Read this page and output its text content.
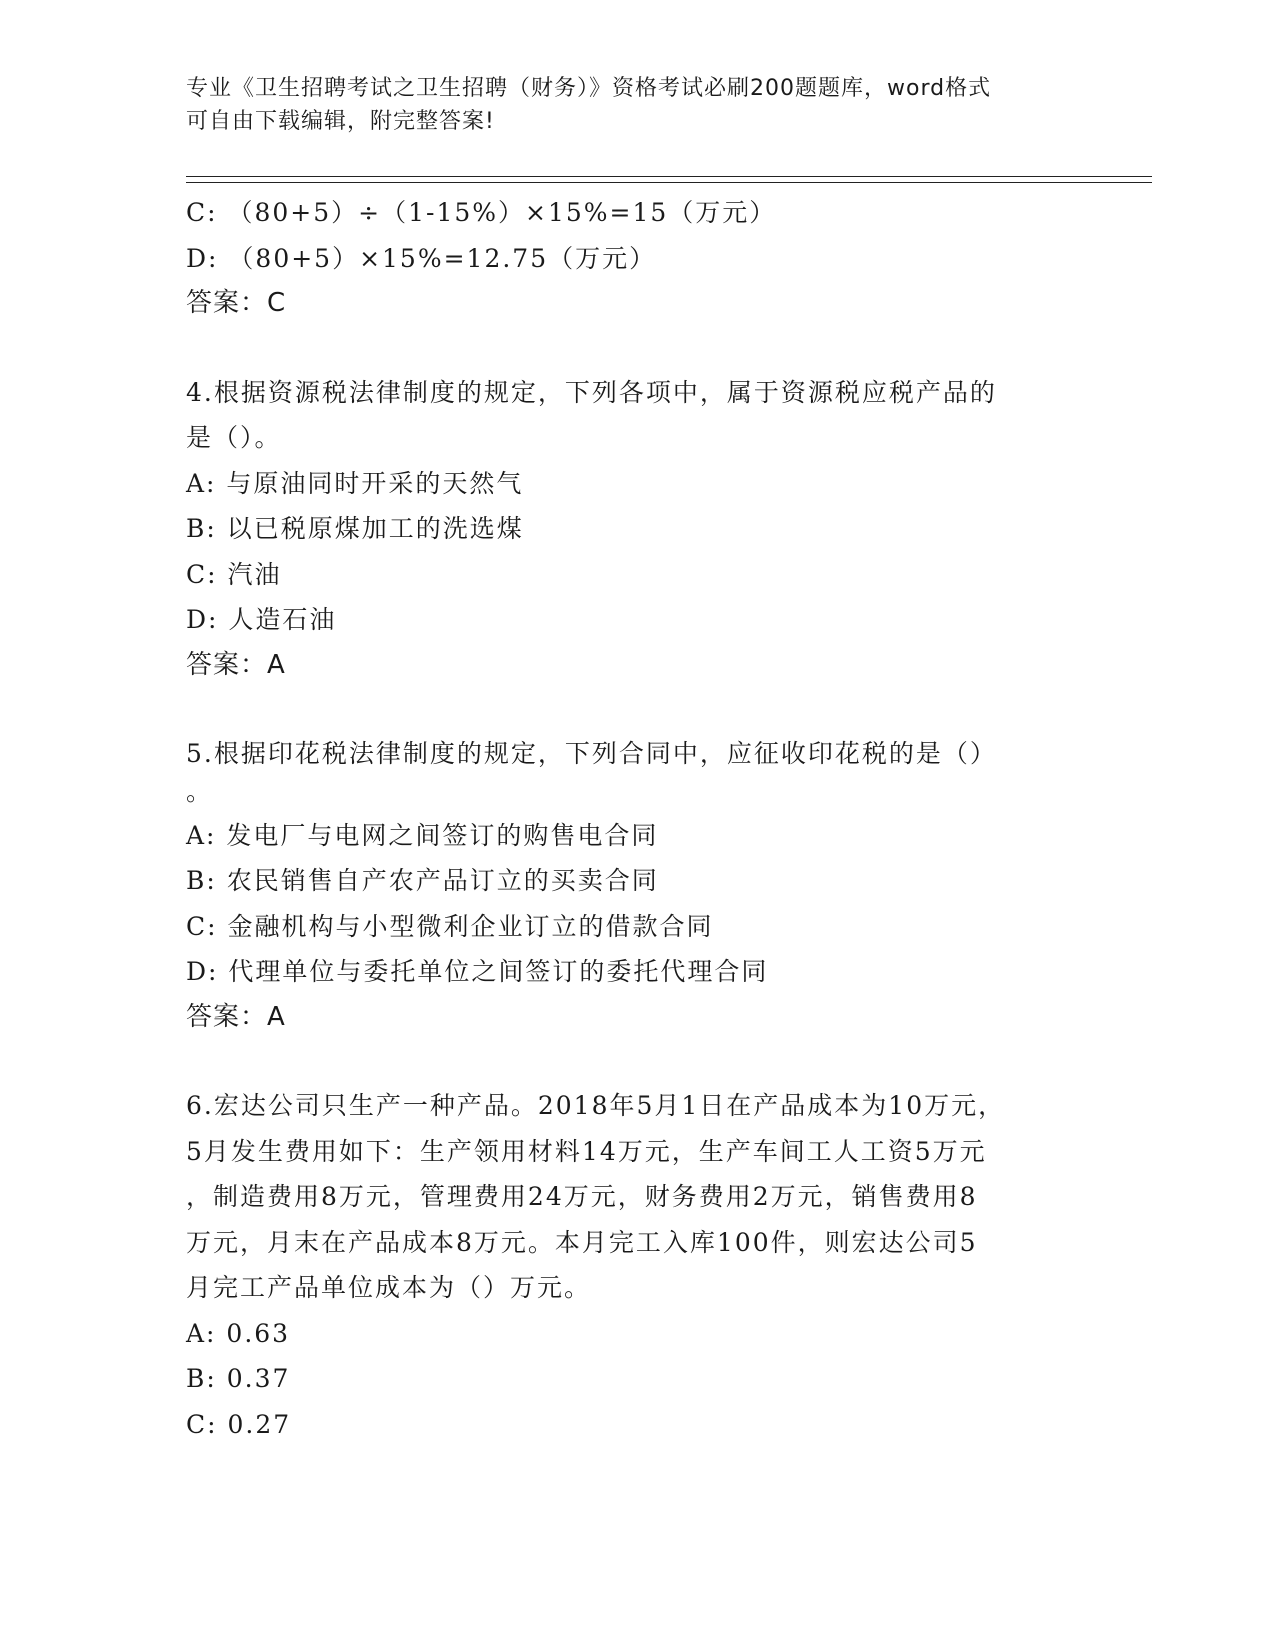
专业《卫生招聘考试之卫生招聘（财务）》资格考试必刷200题题库，word格式
可自由下载编辑，附完整答案!
C: （80+5）÷（1-15%）×15%=15（万元）
D: （80+5）×15%=12.75（万元）
答案：C
4.根据资源税法律制度的规定，下列各项中，属于资源税应税产品的
是（）。
A: 与原油同时开采的天然气
B: 以已税原煤加工的洗选煤
C: 汽油
D: 人造石油
答案：A
5.根据印花税法律制度的规定，下列合同中，应征收印花税的是（）
。
A: 发电厂与电网之间签订的购售电合同
B: 农民销售自产农产品订立的买卖合同
C: 金融机构与小型微利企业订立的借款合同
D: 代理单位与委托单位之间签订的委托代理合同
答案：A
6.宏达公司只生产一种产品。2018年5月1日在产品成本为10万元，
5月发生费用如下：生产领用材料14万元，生产车间工人工资5万元
，制造费用8万元，管理费用24万元，财务费用2万元，销售费用8
万元，月末在产品成本8万元。本月完工入库100件，则宏达公司5
月完工产品单位成本为（）万元。
A: 0.63
B: 0.37
C: 0.27
